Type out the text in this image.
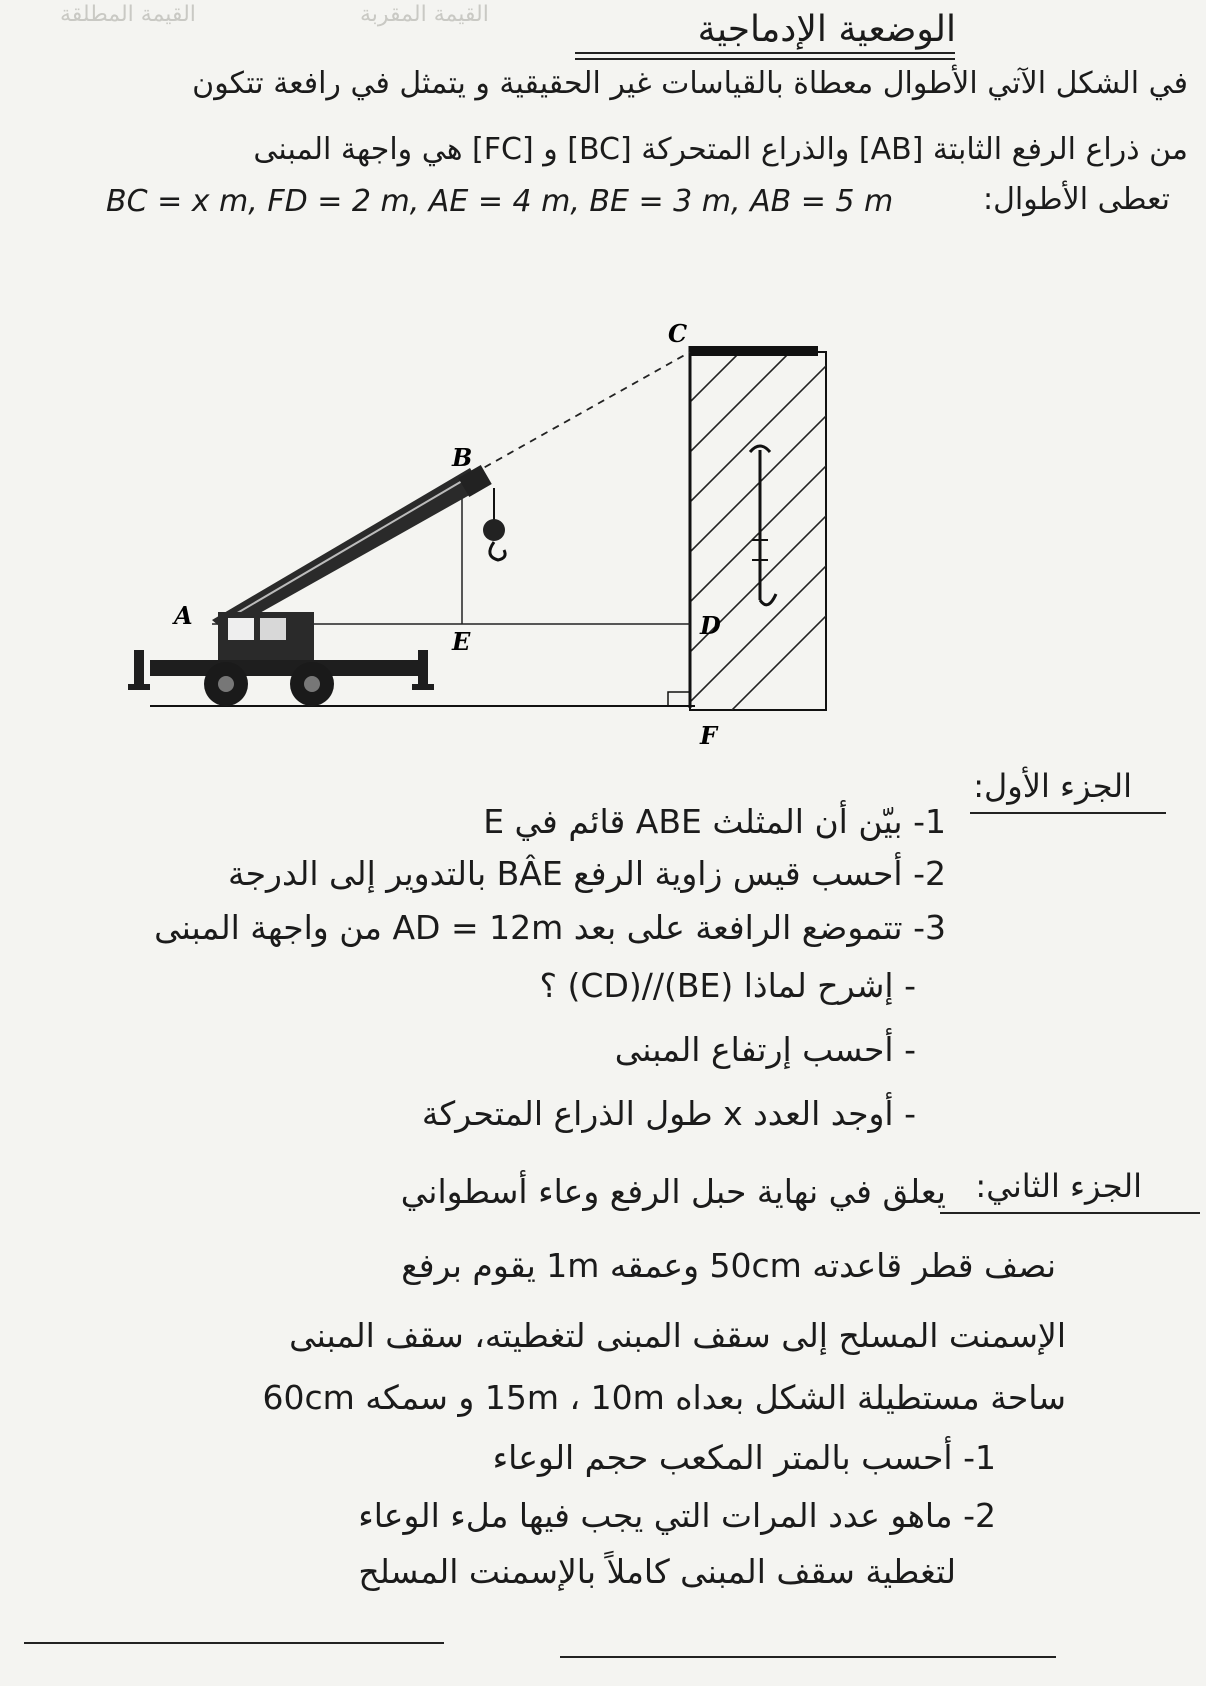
القيمة المطلقة	القيمة المقربة	الوضعية الإدماجية
في الشكل الآتي الأطوال معطاة بالقياسات غير الحقيقية و يتمثل في رافعة تتكون
من ذراع الرفع الثابتة [AB] والذراع المتحركة [BC] و [FC] هي واجهة المبنى
تعطى الأطوال:
BC = x m, FD = 2 m, AE = 4 m, BE = 3 m, AB = 5 m
A
B
C
D
E
F
الجزء الأول:
1- بيّن أن المثلث ABE قائم في E
2- أحسب قيس زاوية الرفع BÂE بالتدوير إلى الدرجة
3- تتموضع الرافعة على بعد AD = 12m من واجهة المبنى
- إشرح لماذا (BE)//(CD) ؟
- أحسب إرتفاع المبنى
- أوجد العدد x طول الذراع المتحركة
الجزء الثاني:
يعلق في نهاية حبل الرفع وعاء أسطواني
نصف قطر قاعدته 50cm وعمقه 1m يقوم برفع
الإسمنت المسلح إلى سقف المبنى لتغطيته، سقف المبنى
ساحة مستطيلة الشكل بعداه 15m ، 10m و سمكه 60cm
1- أحسب بالمتر المكعب حجم الوعاء
2- ماهو عدد المرات التي يجب فيها ملء الوعاء
لتغطية سقف المبنى كاملاً بالإسمنت المسلح
